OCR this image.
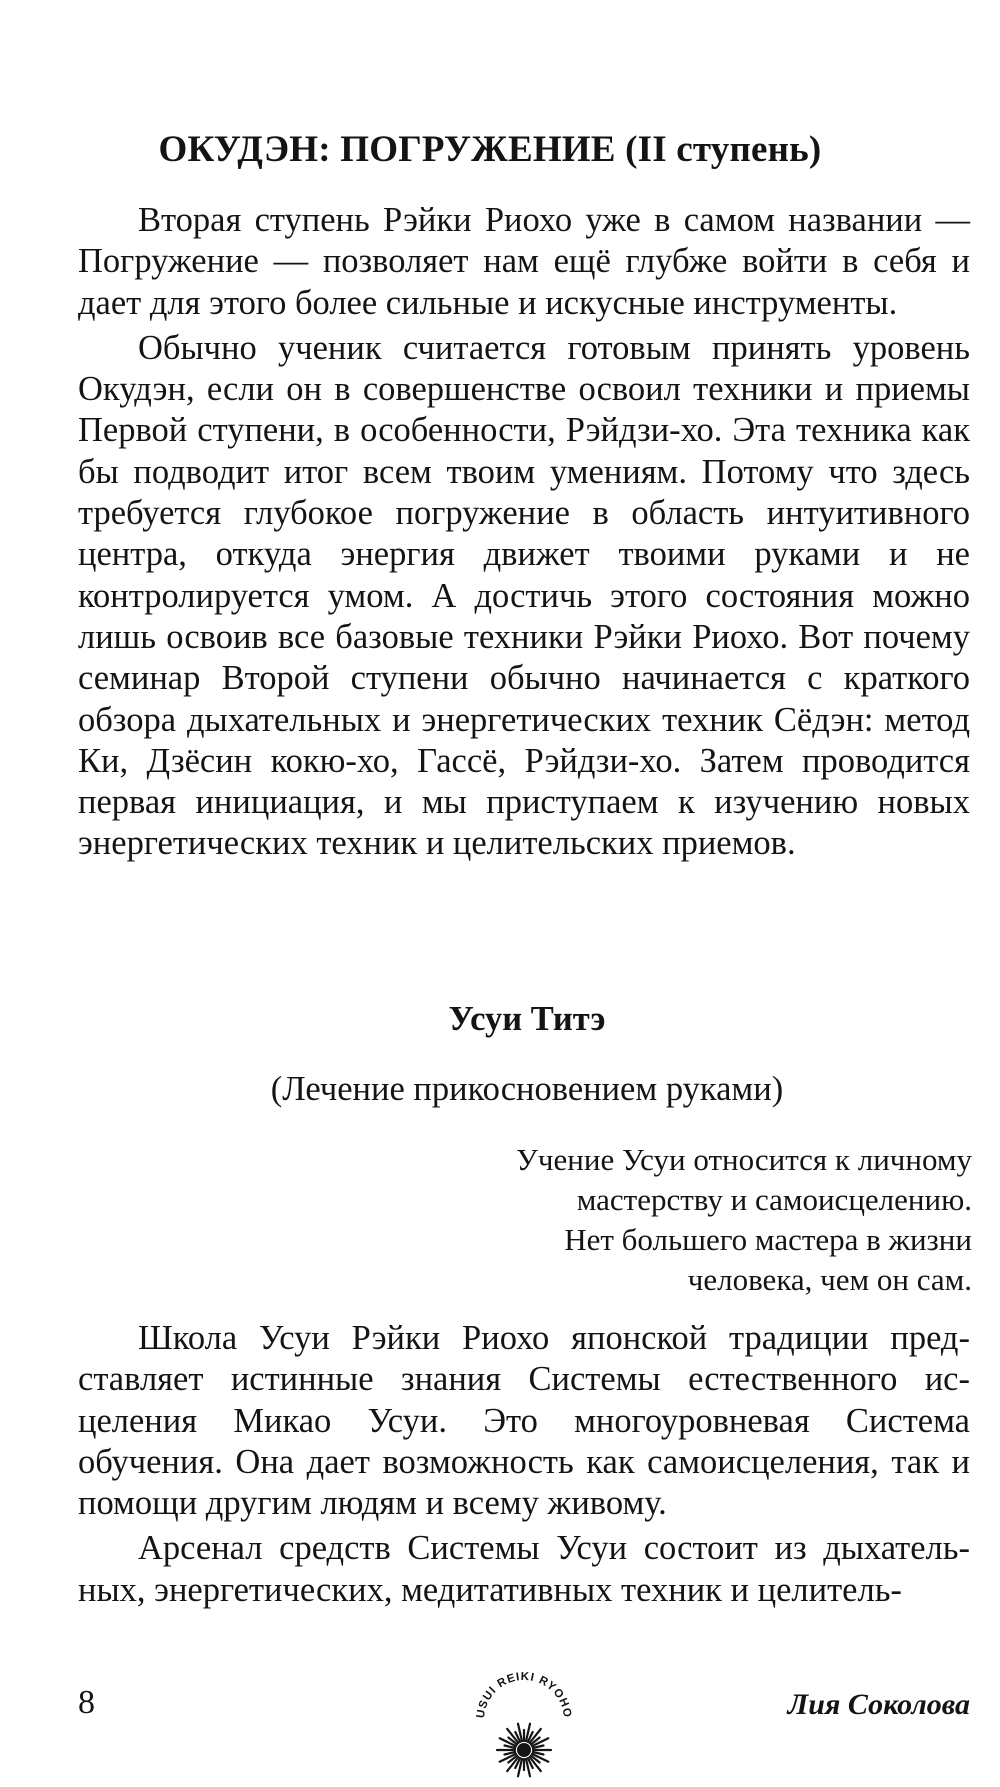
ОКУДЭН: ПОГРУЖЕНИЕ (II ступень)

Вторая ступень Рэйки Риохо уже в самом названии — Погружение — позволяет нам ещё глубже войти в себя и дает для этого более сильные и искусные инструменты.

Обычно ученик считается готовым принять уровень Окудэн, если он в совершенстве освоил техники и приемы Первой ступени, в особенности, Рэйдзи-хо. Эта техника как бы подводит итог всем твоим умениям. Потому что здесь требуется глубокое погружение в область интуитивного центра, откуда энергия движет твоими руками и не контролируется умом. А достичь этого состояния можно лишь освоив все базовые техники Рэйки Риохо. Вот почему семинар Второй ступени обычно начинается с краткого обзора дыхательных и энергетических техник Сёдэн: метод Ки, Дзёсин кокю-хо, Гассё, Рэйдзи-хо. Затем проводится первая инициация, и мы приступаем к изучению новых энергетических техник и целительских приемов.

Усуи Титэ
(Лечение прикосновением руками)
Учение Усуи относится к личному
мастерству и самоисцелению.
Нет большего мастера в жизни
человека, чем он сам.

Школа Усуи Рэйки Риохо японской традиции представляет истинные знания Системы естественного исцеления Микао Усуи. Это многоуровневая Система обучения. Она дает возможность как самоисцеления, так и помощи другим людям и всему живому.

Арсенал средств Системы Усуи состоит из дыхательных, энергетических, медитативных техник и целитель-

8	USUI REIKI RYOHO	Лия Соколова
